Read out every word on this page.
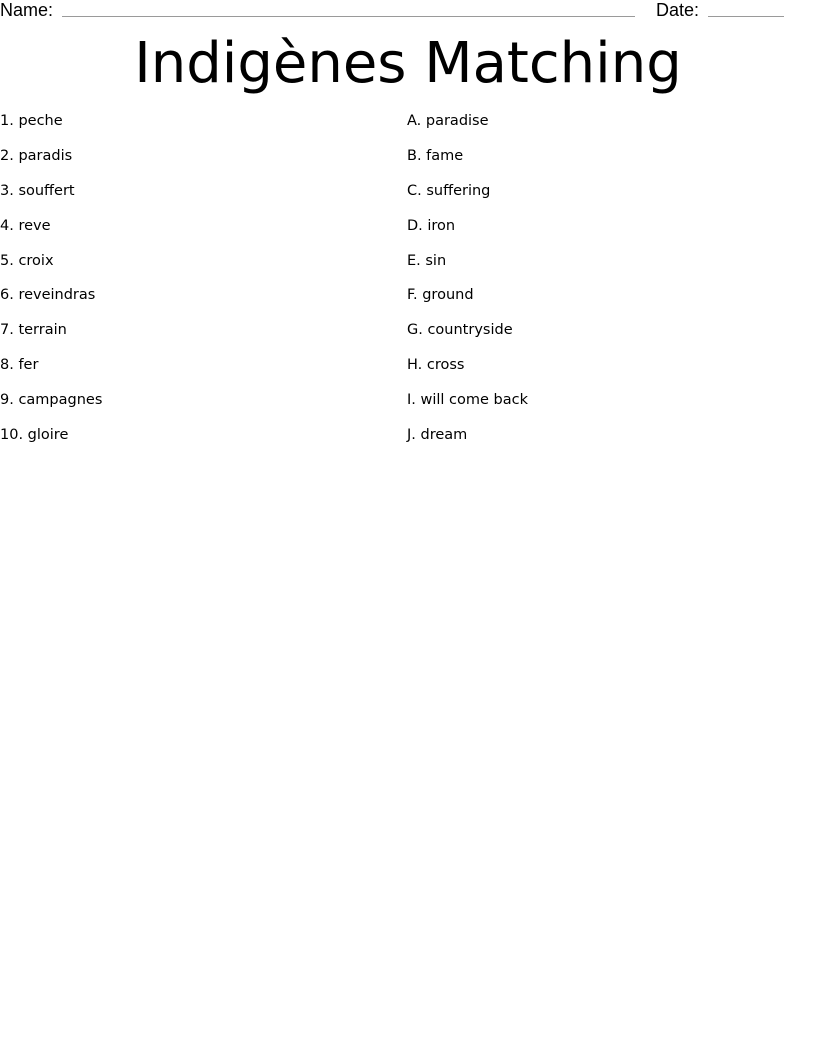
Name:	Date:
Indigènes Matching
1. peche
2. paradis
3. souffert
4. reve
5. croix
6. reveindras
7. terrain
8. fer
9. campagnes
10. gloire
A. paradise
B. fame
C. suffering
D. iron
E. sin
F. ground
G. countryside
H. cross
I. will come back
J. dream
